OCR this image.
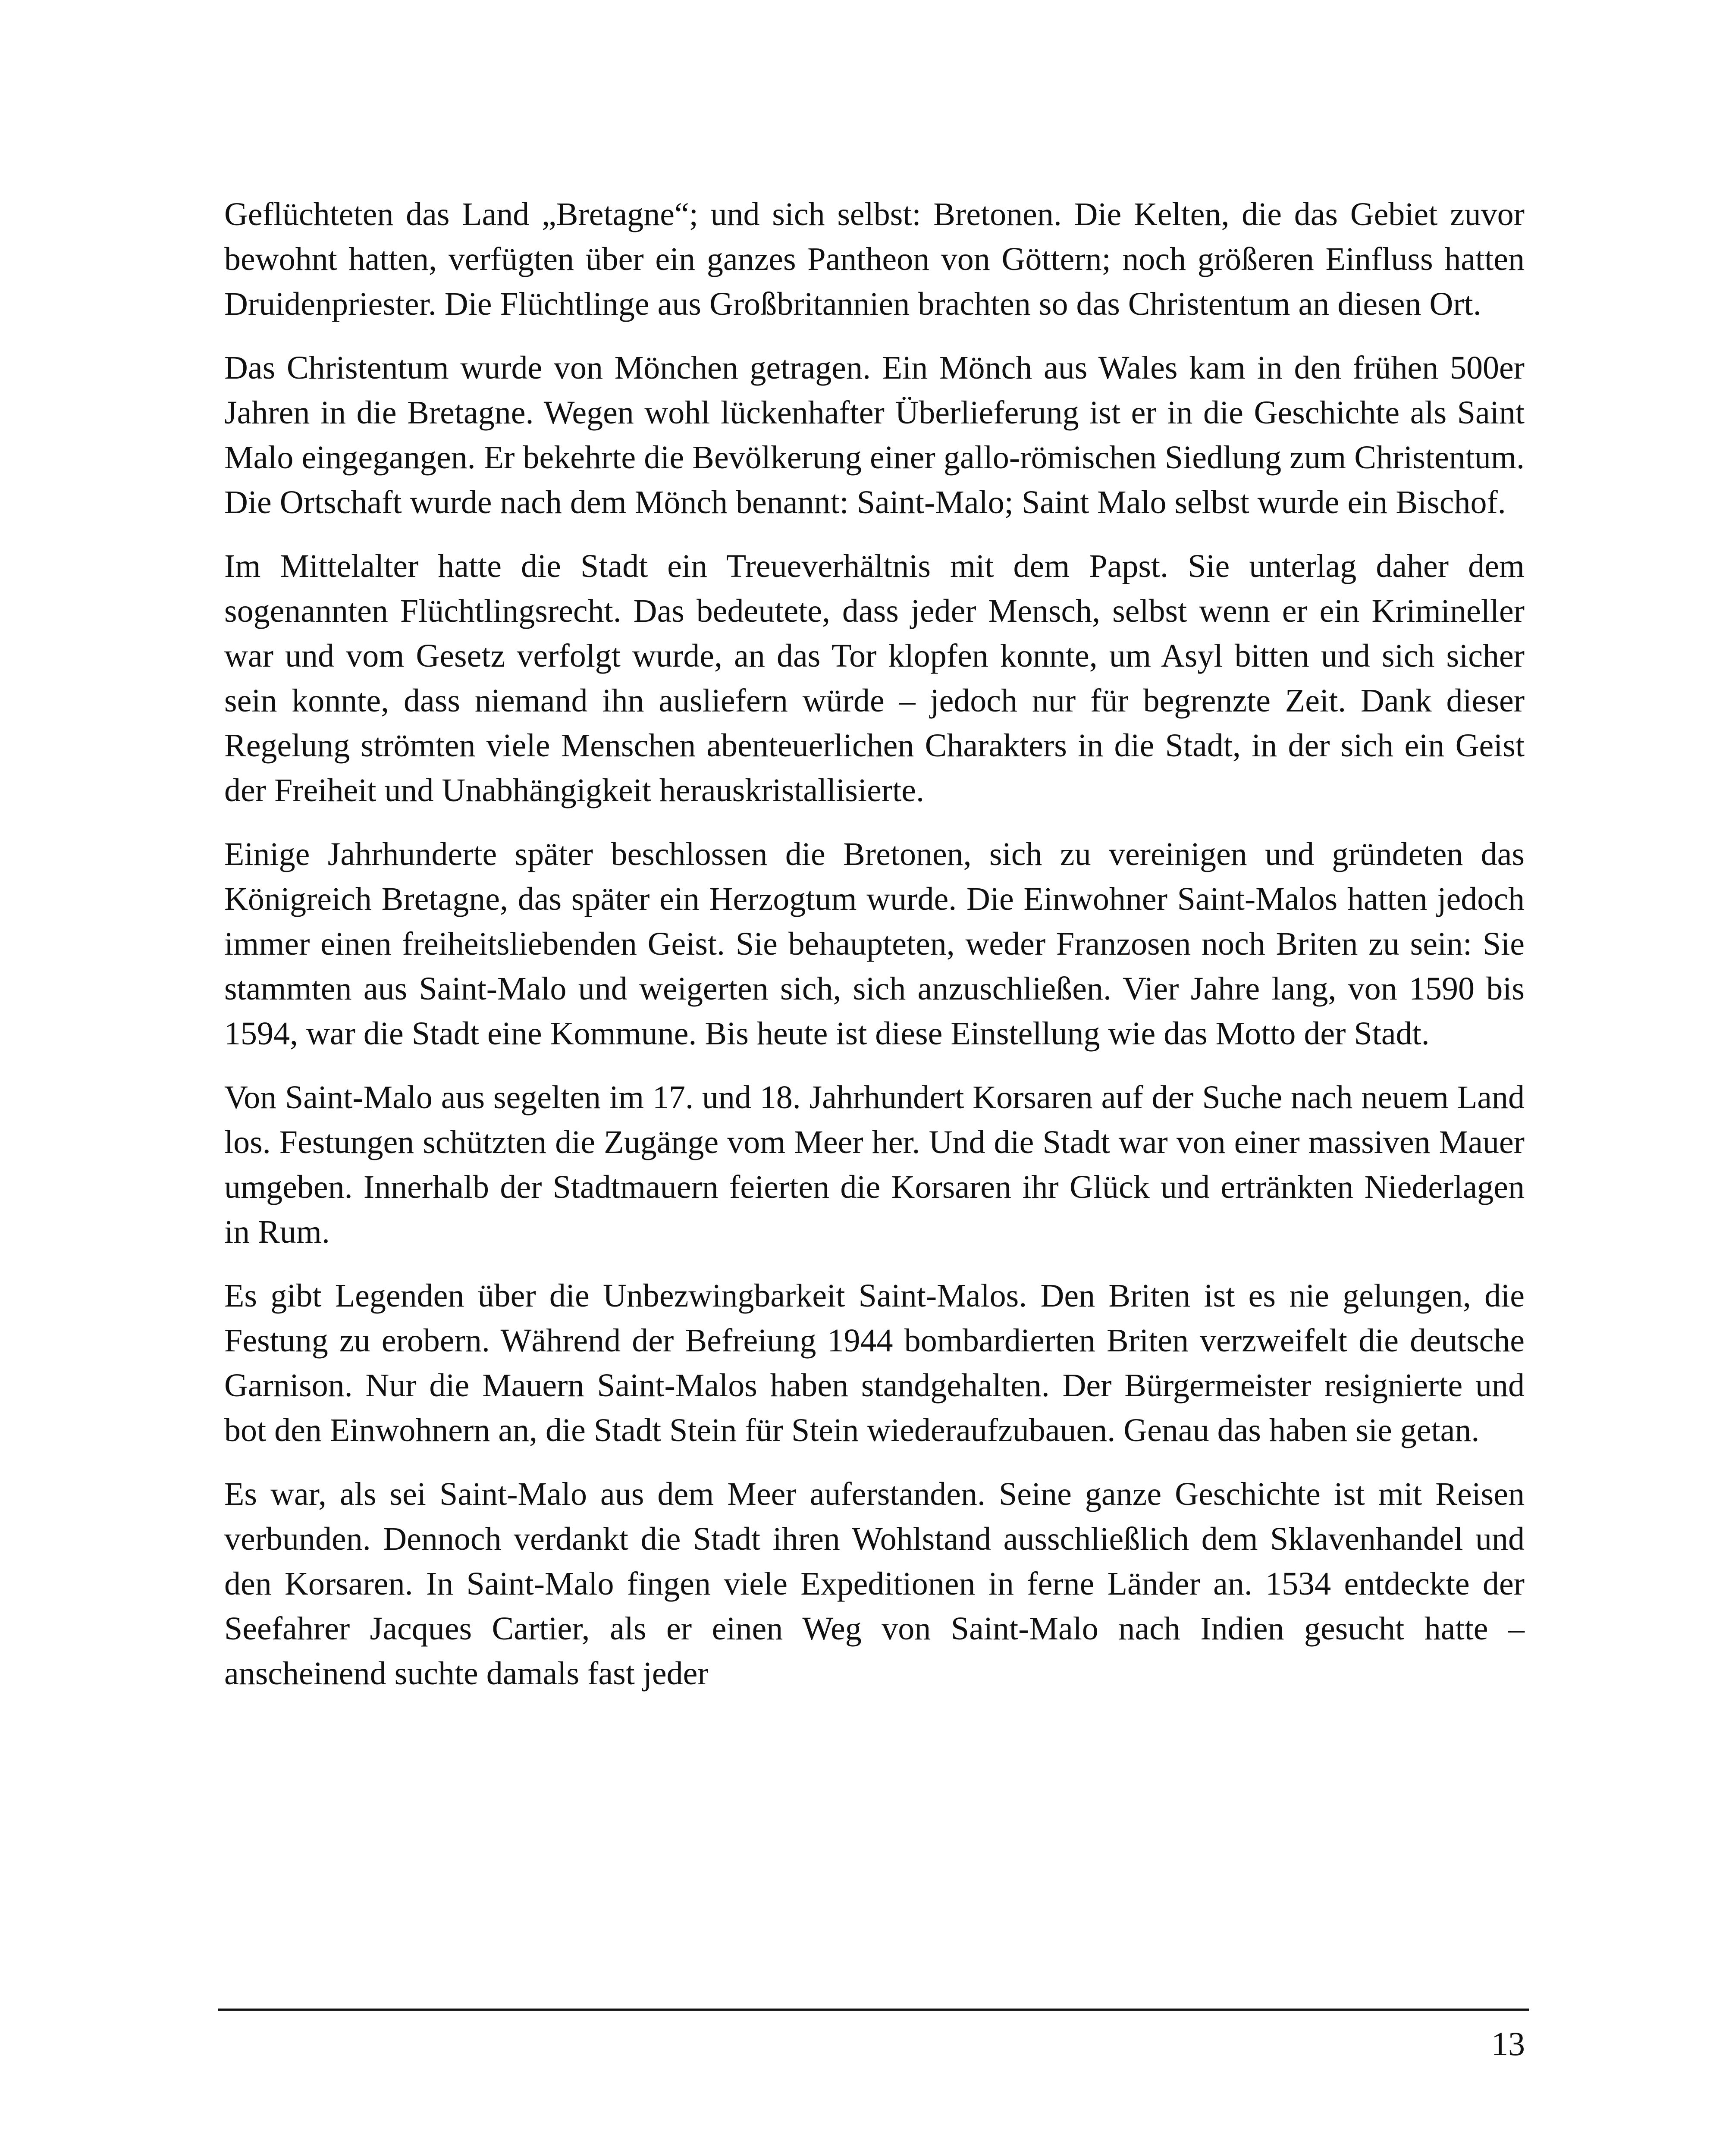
Geflüchteten das Land „Bretagne“; und sich selbst: Bretonen. Die Kelten, die das Gebiet zuvor bewohnt hatten, verfügten über ein ganzes Pantheon von Göttern; noch größeren Einfluss hatten Druidenpriester. Die Flüchtlinge aus Großbritannien brachten so das Christentum an diesen Ort.

Das Christentum wurde von Mönchen getragen. Ein Mönch aus Wales kam in den frühen 500er Jahren in die Bretagne. Wegen wohl lückenhafter Überlieferung ist er in die Geschichte als Saint Malo eingegangen. Er bekehrte die Bevölkerung einer gallo-römischen Siedlung zum Christentum. Die Ortschaft wurde nach dem Mönch benannt: Saint-Malo; Saint Malo selbst wurde ein Bischof.

Im Mittelalter hatte die Stadt ein Treueverhältnis mit dem Papst. Sie unterlag daher dem sogenannten Flüchtlingsrecht. Das bedeutete, dass jeder Mensch, selbst wenn er ein Krimineller war und vom Gesetz verfolgt wurde, an das Tor klopfen konnte, um Asyl bitten und sich sicher sein konnte, dass niemand ihn ausliefern würde – jedoch nur für begrenzte Zeit. Dank dieser Regelung strömten viele Menschen abenteuerlichen Charakters in die Stadt, in der sich ein Geist der Freiheit und Unabhängigkeit herauskristallisierte.

Einige Jahrhunderte später beschlossen die Bretonen, sich zu vereinigen und gründeten das Königreich Bretagne, das später ein Herzogtum wurde. Die Einwohner Saint-Malos hatten jedoch immer einen freiheitsliebenden Geist. Sie behaupteten, weder Franzosen noch Briten zu sein: Sie stammten aus Saint-Malo und weigerten sich, sich anzuschließen. Vier Jahre lang, von 1590 bis 1594, war die Stadt eine Kommune. Bis heute ist diese Einstellung wie das Motto der Stadt.

Von Saint-Malo aus segelten im 17. und 18. Jahrhundert Korsaren auf der Suche nach neuem Land los. Festungen schützten die Zugänge vom Meer her. Und die Stadt war von einer massiven Mauer umgeben. Innerhalb der Stadtmauern feierten die Korsaren ihr Glück und ertränkten Niederlagen in Rum.

Es gibt Legenden über die Unbezwingbarkeit Saint-Malos. Den Briten ist es nie gelungen, die Festung zu erobern. Während der Befreiung 1944 bombardierten Briten verzweifelt die deutsche Garnison. Nur die Mauern Saint-Malos haben standgehalten. Der Bürgermeister resignierte und bot den Einwohnern an, die Stadt Stein für Stein wiederaufzubauen. Genau das haben sie getan.

Es war, als sei Saint-Malo aus dem Meer auferstanden. Seine ganze Geschichte ist mit Reisen verbunden. Dennoch verdankt die Stadt ihren Wohlstand ausschließlich dem Sklavenhandel und den Korsaren. In Saint-Malo fingen viele Expeditionen in ferne Länder an. 1534 entdeckte der Seefahrer Jacques Cartier, als er einen Weg von Saint-Malo nach Indien gesucht hatte – anscheinend suchte damals fast jeder

13
